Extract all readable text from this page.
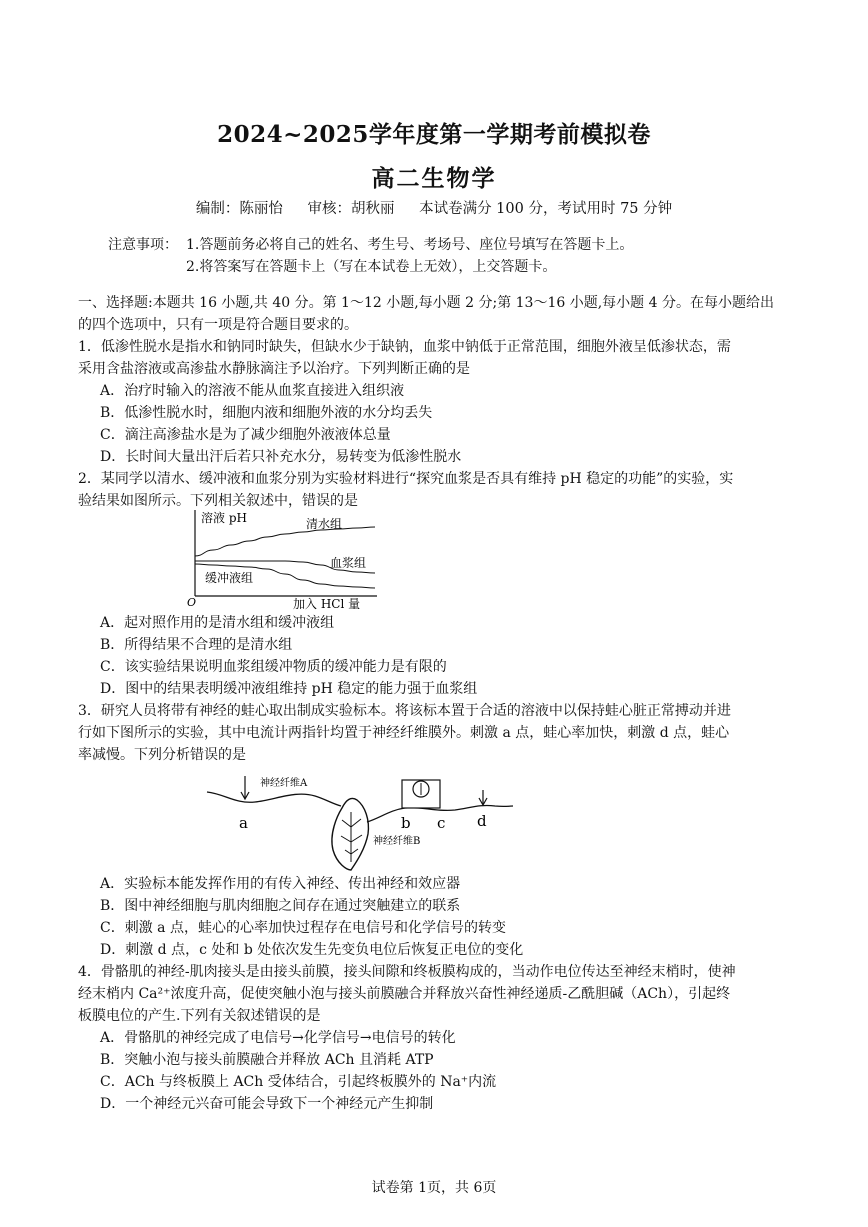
2024~2025学年度第一学期考前模拟卷
高二生物学
编制：陈丽怡 审核：胡秋丽 本试卷满分 100 分，考试用时 75 分钟
注意事项： 1.答题前务必将自己的姓名、考生号、考场号、座位号填写在答题卡上。
2.将答案写在答题卡上（写在本试卷上无效），上交答题卡。

一、选择题:本题共 16 小题,共 40 分。第 1～12 小题,每小题 2 分;第 13～16 小题,每小题 4 分。在每小题给出

的四个选项中，只有一项是符合题目要求的。

1．低渗性脱水是指水和钠同时缺失，但缺水少于缺钠，血浆中钠低于正常范围，细胞外液呈低渗状态，需

采用含盐溶液或高渗盐水静脉滴注予以治疗。下列判断正确的是

A．治疗时输入的溶液不能从血浆直接进入组织液

B．低渗性脱水时，细胞内液和细胞外液的水分均丢失

C．滴注高渗盐水是为了减少细胞外液液体总量

D．长时间大量出汗后若只补充水分，易转变为低渗性脱水

2．某同学以清水、缓冲液和血浆分别为实验材料进行“探究血浆是否具有维持 pH 稳定的功能”的实验，实

验结果如图所示。下列相关叙述中，错误的是

溶液 pH
O	加入 HCl 量
清水组
血浆组
缓冲液组

A．起对照作用的是清水组和缓冲液组

B．所得结果不合理的是清水组

C．该实验结果说明血浆组缓冲物质的缓冲能力是有限的

D．图中的结果表明缓冲液组维持 pH 稳定的能力强于血浆组

3．研究人员将带有神经的蛙心取出制成实验标本。将该标本置于合适的溶液中以保持蛙心脏正常搏动并进

行如下图所示的实验，其中电流计两指针均置于神经纤维膜外。刺激 a 点，蛙心率加快，刺激 d 点，蛙心

率减慢。下列分析错误的是

神经纤维A
a	b c d
神经纤维B

A．实验标本能发挥作用的有传入神经、传出神经和效应器

B．图中神经细胞与肌肉细胞之间存在通过突触建立的联系

C．刺激 a 点，蛙心的心率加快过程存在电信号和化学信号的转变

D．刺激 d 点，c 处和 b 处依次发生先变负电位后恢复正电位的变化

4．骨骼肌的神经-肌肉接头是由接头前膜，接头间隙和终板膜构成的，当动作电位传达至神经末梢时，使神

经末梢内 Ca²⁺浓度升高，促使突触小泡与接头前膜融合并释放兴奋性神经递质-乙酰胆碱（ACh），引起终

板膜电位的产生.下列有关叙述错误的是

A．骨骼肌的神经完成了电信号→化学信号→电信号的转化

B．突触小泡与接头前膜融合并释放 ACh 且消耗 ATP

C．ACh 与终板膜上 ACh 受体结合，引起终板膜外的 Na⁺内流

D．一个神经元兴奋可能会导致下一个神经元产生抑制

试卷第 1页，共 6页
